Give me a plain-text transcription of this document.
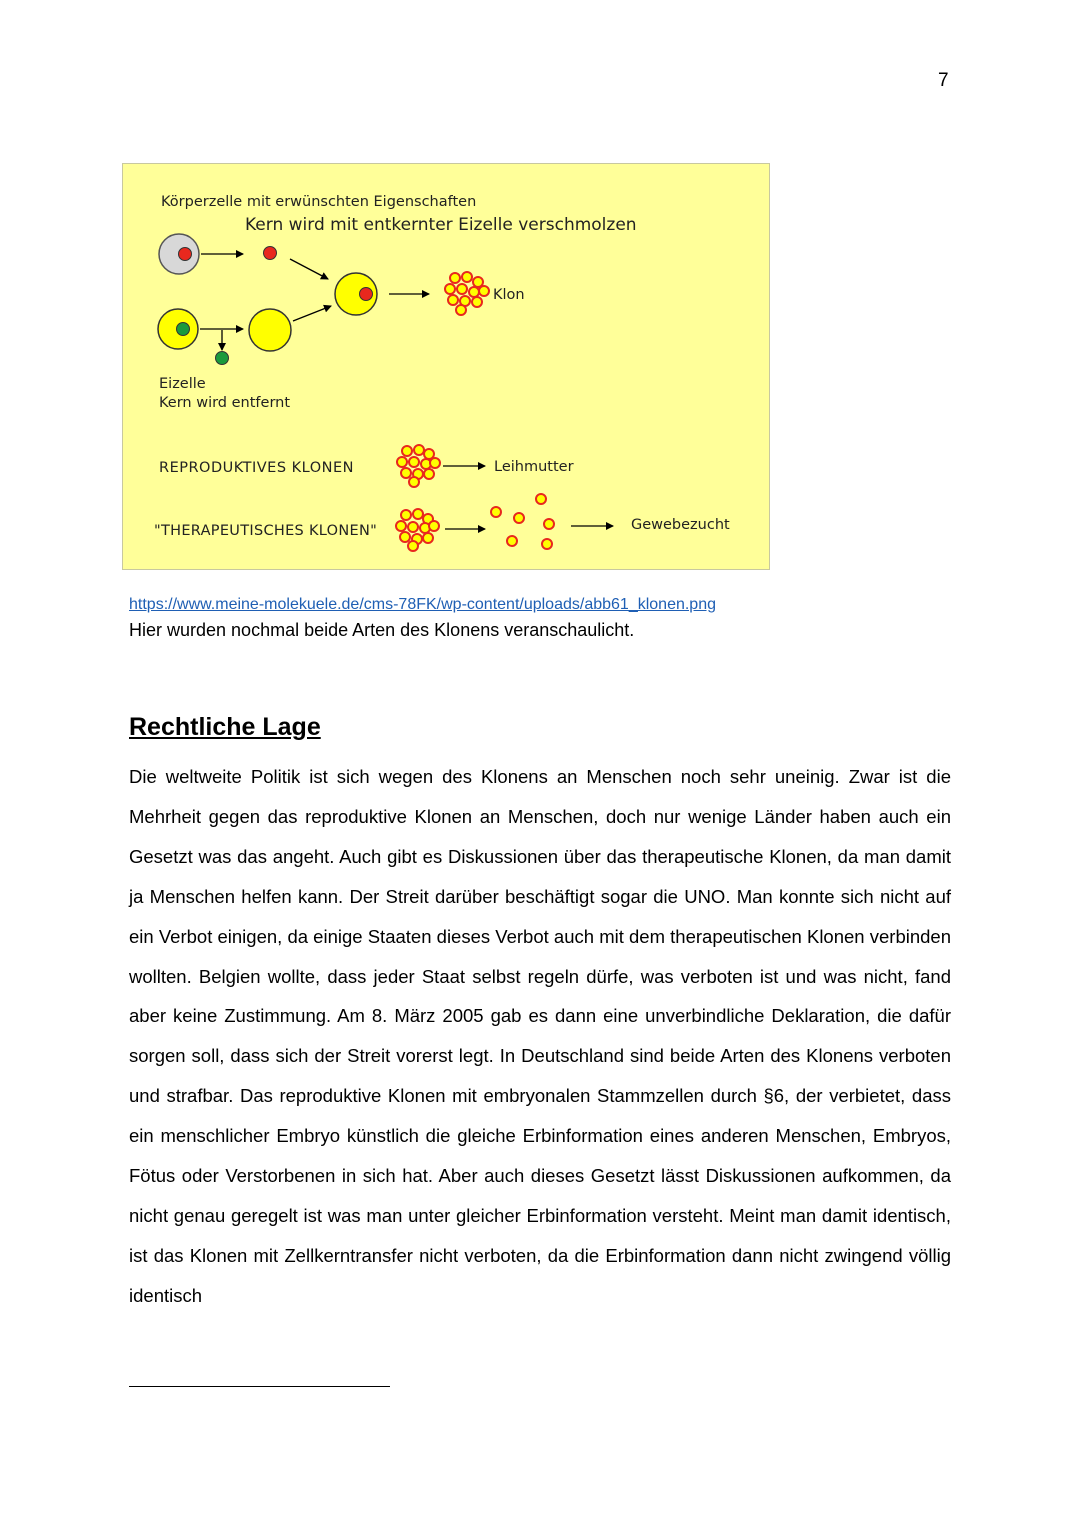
7
Körperzelle mit erwünschten Eigenschaften
Kern wird mit entkernter Eizelle verschmolzen
Klon
Eizelle
Kern wird entfernt
REPRODUKTIVES KLONEN	Leihmutter
"THERAPEUTISCHES KLONEN"	Gewebezucht
https://www.meine-molekuele.de/cms-78FK/wp-content/uploads/abb61_klonen.png
Hier wurden nochmal beide Arten des Klonens veranschaulicht.
Rechtliche Lage

Die weltweite Politik ist sich wegen des Klonens an Menschen noch sehr uneinig. Zwar ist die Mehrheit gegen das reproduktive Klonen an Menschen, doch nur wenige Länder haben auch ein Gesetzt was das angeht. Auch gibt es Diskussionen über das therapeutische Klonen, da man damit ja Menschen helfen kann. Der Streit darüber beschäftigt sogar die UNO. Man konnte sich nicht auf ein Verbot einigen, da einige Staaten dieses Verbot auch mit dem therapeutischen Klonen verbinden wollten. Belgien wollte, dass jeder Staat selbst regeln dürfe, was verboten ist und was nicht, fand aber keine Zustimmung. Am 8. März 2005 gab es dann eine unverbindliche Deklaration, die dafür sorgen soll, dass sich der Streit vorerst legt. In Deutschland sind beide Arten des Klonens verboten und strafbar. Das reproduktive Klonen mit embryonalen Stammzellen durch §6, der verbietet, dass ein menschlicher Embryo künstlich die gleiche Erbinformation eines anderen Menschen, Embryos, Fötus oder Verstorbenen in sich hat. Aber auch dieses Gesetzt lässt Diskussionen aufkommen, da nicht genau geregelt ist was man unter gleicher Erbinformation versteht. Meint man damit identisch, ist das Klonen mit Zellkerntransfer nicht verboten, da die Erbinformation dann nicht zwingend völlig identisch
